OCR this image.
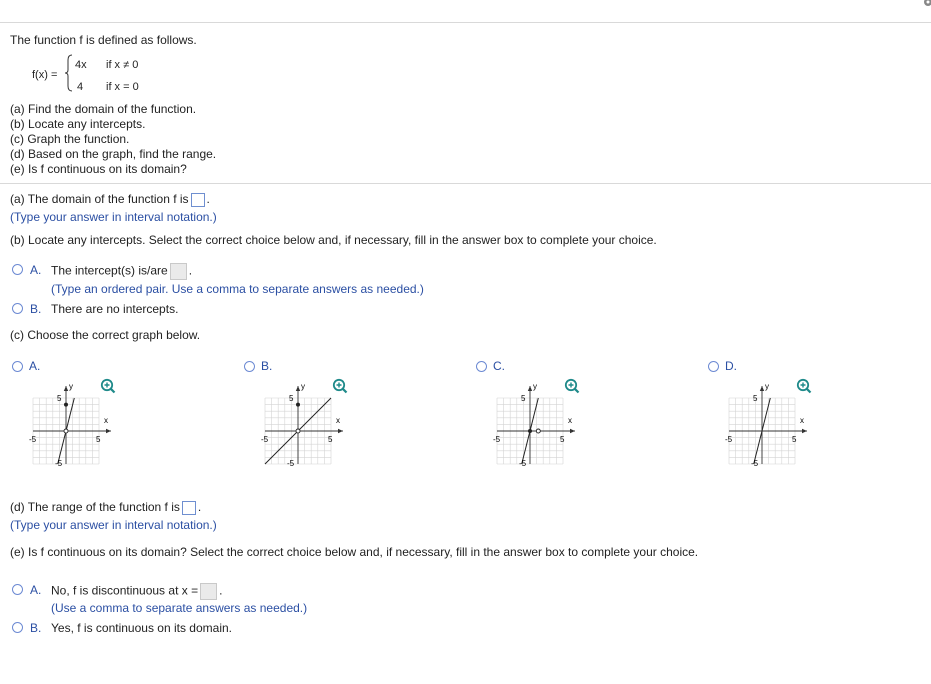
The function f is defined as follows.
f(x) =
4x if x ≠ 0
4 if x = 0
(a) Find the domain of the function.
(b) Locate any intercepts.
(c) Graph the function.
(d) Based on the graph, find the range.
(e) Is f continuous on its domain?
(a) The domain of the function f is .
(Type your answer in interval notation.)
(b) Locate any intercepts. Select the correct choice below and, if necessary, fill in the answer box to complete your choice.
A. The intercept(s) is/are .
(Type an ordered pair. Use a comma to separate answers as needed.)
B. There are no intercepts.
(c) Choose the correct graph below.
A.	B.	C.	D.
y
x
5
-5
-5	5
y
x
5
-5
-5	5
y
x
5
-5
-5	5
y
x
5
-5
-5	5
(d) The range of the function f is .
(Type your answer in interval notation.)
(e) Is f continuous on its domain? Select the correct choice below and, if necessary, fill in the answer box to complete your choice.
A. No, f is discontinuous at x = .
(Use a comma to separate answers as needed.)
B. Yes, f is continuous on its domain.
